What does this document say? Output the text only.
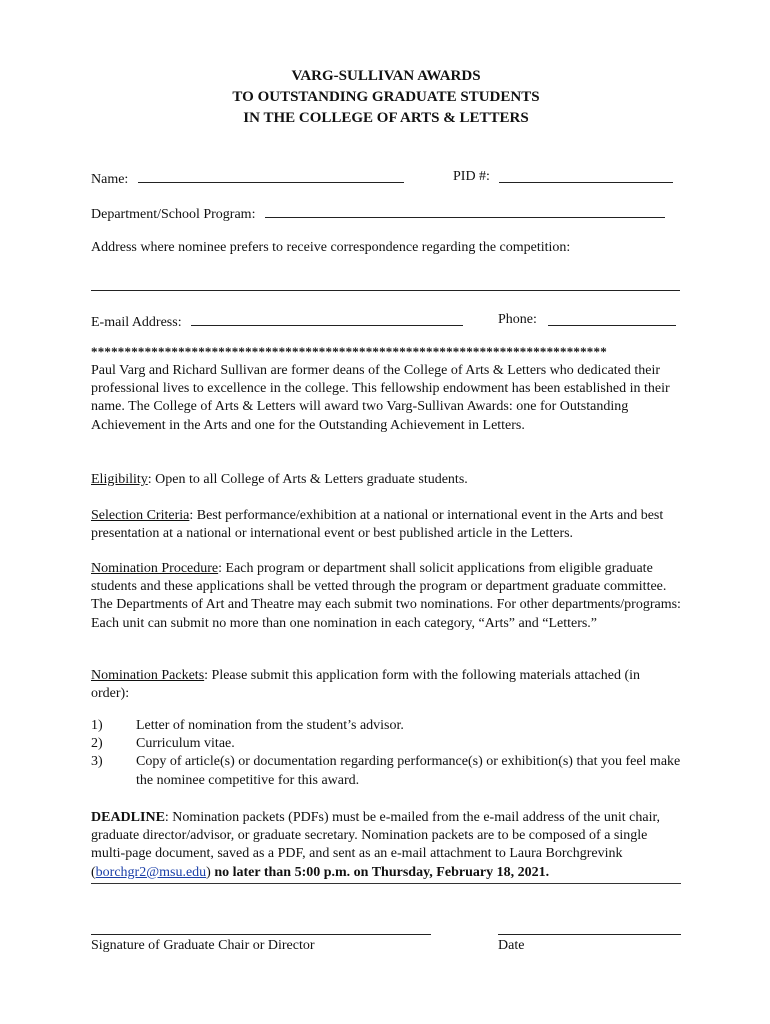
VARG-SULLIVAN AWARDS
TO OUTSTANDING GRADUATE STUDENTS
IN THE COLLEGE OF ARTS & LETTERS
Name:	PID #:
Department/School Program:
Address where nominee prefers to receive correspondence regarding the competition:
E-mail Address:	Phone:
*****************************************************************************
Paul Varg and Richard Sullivan are former deans of the College of Arts & Letters who dedicated their professional lives to excellence in the college. This fellowship endowment has been established in their name. The College of Arts & Letters will award two Varg-Sullivan Awards: one for Outstanding Achievement in the Arts and one for the Outstanding Achievement in Letters.
Eligibility: Open to all College of Arts & Letters graduate students.
Selection Criteria: Best performance/exhibition at a national or international event in the Arts and best presentation at a national or international event or best published article in the Letters.
Nomination Procedure: Each program or department shall solicit applications from eligible graduate students and these applications shall be vetted through the program or department graduate committee. The Departments of Art and Theatre may each submit two nominations. For other departments/programs: Each unit can submit no more than one nomination in each category, “Arts” and “Letters.”
Nomination Packets: Please submit this application form with the following materials attached (in order):
1) Letter of nomination from the student’s advisor.
2) Curriculum vitae.
3) Copy of article(s) or documentation regarding performance(s) or exhibition(s) that you feel make the nominee competitive for this award.
DEADLINE: Nomination packets (PDFs) must be e-mailed from the e-mail address of the unit chair, graduate director/advisor, or graduate secretary. Nomination packets are to be composed of a single multi-page document, saved as a PDF, and sent as an e-mail attachment to Laura Borchgrevink (borchgr2@msu.edu) no later than 5:00 p.m. on Thursday, February 18, 2021.
Signature of Graduate Chair or Director	Date
